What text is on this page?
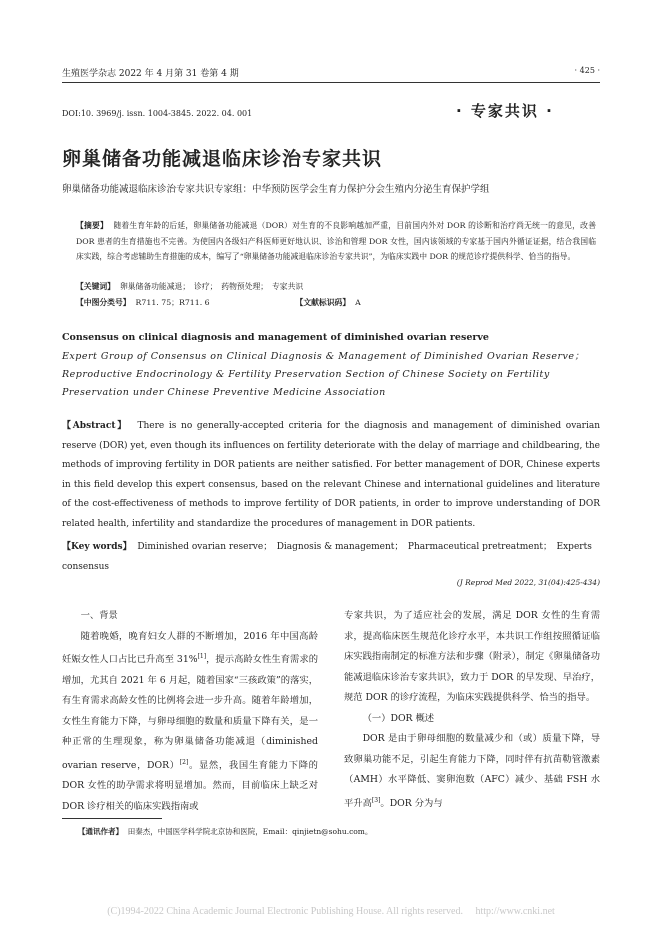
生殖医学杂志 2022 年 4 月第 31 卷第 4 期	· 425 ·
DOI:10. 3969/j. issn. 1004-3845. 2022. 04. 001	· 专家共识 ·
卵巢储备功能减退临床诊治专家共识
卵巢储备功能减退临床诊治专家共识专家组：中华预防医学会生育力保护分会生殖内分泌生育保护学组
【摘要】 随着生育年龄的后延，卵巢储备功能减退（DOR）对生育的不良影响越加严重，目前国内外对 DOR 的诊断和治疗尚无统一的意见，改善 DOR 患者的生育措施也不完善。为使国内各级妇产科医师更好地认识、诊治和管理 DOR 女性，国内该领域的专家基于国内外循证证据，结合我国临床实践，综合考虑辅助生育措施的成本，编写了“卵巢储备功能减退临床诊治专家共识”，为临床实践中 DOR 的规范诊疗提供科学、恰当的指导。
【关键词】 卵巢储备功能减退；　诊疗；　药物预处理；　专家共识
【中图分类号】 R711. 75；R711. 6	【文献标识码】 A
Consensus on clinical diagnosis and management of diminished ovarian reserve
Expert Group of Consensus on Clinical Diagnosis & Management of Diminished Ovarian Reserve；Reproductive Endocrinology & Fertility Preservation Section of Chinese Society on Fertility Preservation under Chinese Preventive Medicine Association
【Abstract】 There is no generally-accepted criteria for the diagnosis and management of diminished ovarian reserve (DOR) yet, even though its influences on fertility deteriorate with the delay of marriage and childbearing, the methods of improving fertility in DOR patients are neither satisfied. For better management of DOR, Chinese experts in this field develop this expert consensus, based on the relevant Chinese and international guidelines and literature of the cost-effectiveness of methods to improve fertility of DOR patients, in order to improve understanding of DOR related health, infertility and standardize the procedures of management in DOR patients.
【Key words】 Diminished ovarian reserve；　Diagnosis & management；　Pharmaceutical pretreatment；　Experts consensus
(J Reprod Med 2022, 31(04):425-434)

一、背景

随着晚婚，晚育妇女人群的不断增加，2016 年中国高龄妊娠女性人口占比已升高至 31%[1]，提示高龄女性生育需求的增加，尤其自 2021 年 6 月起，随着国家“三孩政策”的落实，有生育需求高龄女性的比例将会进一步升高。随着年龄增加，女性生育能力下降，与卵母细胞的数量和质量下降有关，是一种正常的生理现象，称为卵巢储备功能减退（diminished ovarian reserve，DOR）[2]。显然，我国生育能力下降的 DOR 女性的助孕需求将明显增加。然而，目前临床上缺乏对 DOR 诊疗相关的临床实践指南或

专家共识，为了适应社会的发展，满足 DOR 女性的生育需求，提高临床医生规范化诊疗水平，本共识工作组按照循证临床实践指南制定的标准方法和步骤（附录），制定《卵巢储备功能减退临床诊治专家共识》，致力于 DOR 的早发现、早治疗，规范 DOR 的诊疗流程，为临床实践提供科学、恰当的指导。

（一）DOR 概述

DOR 是由于卵母细胞的数量减少和（或）质量下降，导致卵巢功能不足，引起生育能力下降，同时伴有抗苗勒管激素（AMH）水平降低、窦卵泡数（AFC）减少、基础 FSH 水平升高[3]。DOR 分为与

【通讯作者】 田秦杰，中国医学科学院北京协和医院，Email：qinjietn@sohu.com。
(C)1994-2022 China Academic Journal Electronic Publishing House. All rights reserved.　 http://www.cnki.net
